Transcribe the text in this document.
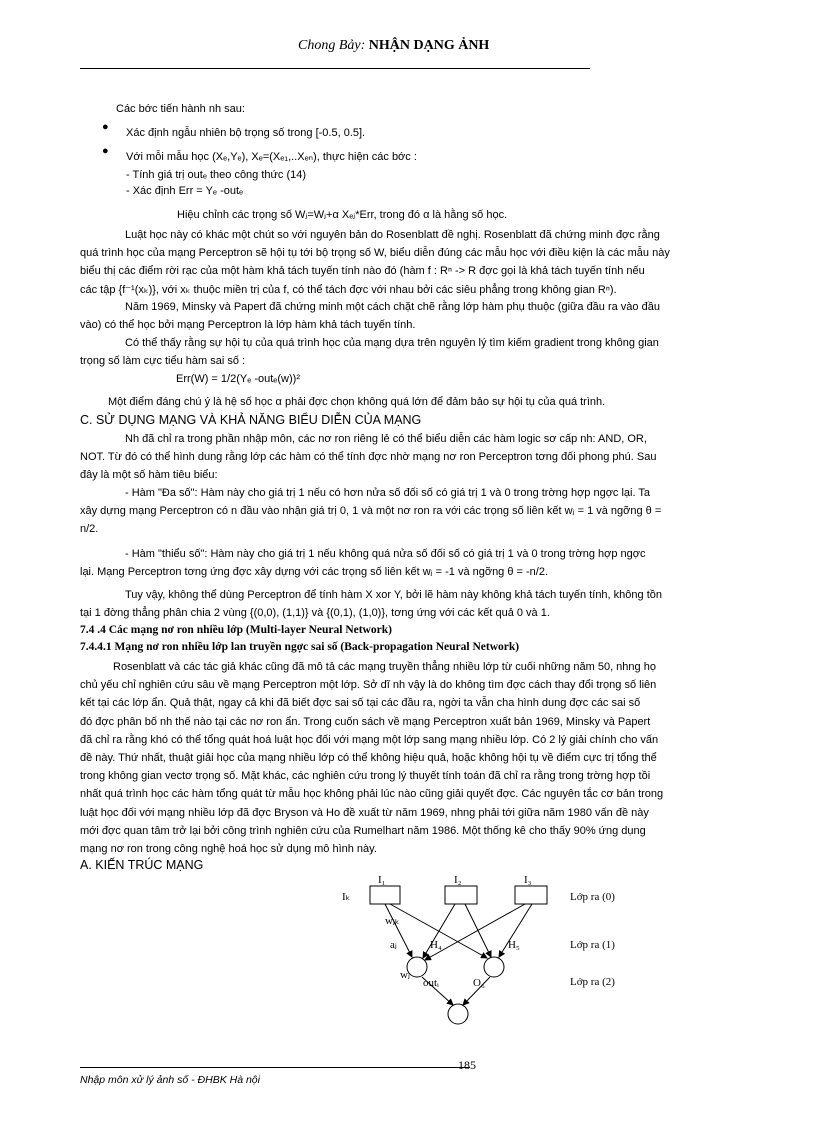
Chong Bảy: NHẬN DẠNG ẢNH
Các bớc tiến hành nh sau:
● Xác định ngẫu nhiên bộ trọng số trong [-0.5, 0.5].
● Với mỗi mẫu học (Xₑ,Yₑ), Xₑ=(Xₑ₁,..Xₑₙ), thực hiện các bớc :
- Tính giá trị outₑ theo công thức (14)
- Xác định Err = Yₑ -outₑ
Hiệu chỉnh các trọng số Wⱼ=Wⱼ+α Xₑⱼ*Err, trong đó α là hằng số học.
Luật học này có khác một chút so với nguyên bản do Rosenblatt đề nghị. Rosenblatt đã chứng minh đợc rằng
quá trình học của mạng Perceptron sẽ hội tụ tới bộ trọng số W, biểu diễn đúng các mẫu học với điều kiện là các mẫu này
biểu thị các điểm rời rạc của một hàm khả tách tuyến tính nào đó (hàm f : Rⁿ -> R đợc gọi là khả tách tuyến tính nếu
các tập {f⁻¹(xₖ)}, với xₖ thuộc miền trị của f, có thể tách đợc với nhau bởi các siêu phẳng trong không gian Rⁿ).
Năm 1969, Minsky và Papert đã chứng minh một cách chặt chẽ rằng lớp hàm phụ thuộc (giữa đầu ra vào đầu
vào) có thể học bởi mạng Perceptron là lớp hàm khả tách tuyến tính.
Có thể thấy rằng sự hội tụ của quá trình học của mạng dựa trên nguyên lý tìm kiếm gradient trong không gian
trọng số làm cực tiểu hàm sai số :
Err(W) = 1/2(Yₑ -outₑ(w))²
Một điểm đáng chú ý là hệ số học α phải đợc chọn không quá lớn để đảm bảo sự hội tụ của quá trình.
C. SỬ DỤNG MẠNG VÀ KHẢ NĂNG BIỂU DIỄN CỦA MẠNG
Nh đã chỉ ra trong phần nhập môn, các nơ ron riêng lẻ có thể biểu diễn các hàm logic sơ cấp nh: AND, OR,
NOT. Từ đó có thể hình dung rằng lớp các hàm có thể tính đợc nhờ mạng nơ ron Perceptron tơng đối phong phú. Sau
đây là một số hàm tiêu biểu:
- Hàm "Đa số": Hàm này cho giá trị 1 nếu có hơn nửa số đối số có giá trị 1 và 0 trong trờng hợp ngợc lại. Ta
xây dựng mạng Perceptron có n đầu vào nhận giá trị 0, 1 và một nơ ron ra với các trọng số liên kết wⱼ = 1 và ngỡng θ =
n/2.
- Hàm "thiểu số": Hàm này cho giá trị 1 nếu không quá nửa số đối số có giá trị 1 và 0 trong trờng hợp ngợc
lại. Mạng Perceptron tơng ứng đợc xây dựng với các trọng số liên kết wⱼ = -1 và ngỡng θ = -n/2.
Tuy vậy, không thể dùng Perceptron để tính hàm X xor Y, bởi lẽ hàm này không khả tách tuyến tính, không tồn
tại 1 đờng thẳng phân chia 2 vùng {(0,0), (1,1)} và {(0,1), (1,0)}, tơng ứng với các kết quả 0 và 1.
7.4 .4 Các mạng nơ ron nhiều lớp (Multi-layer Neural Network)
7.4.4.1 Mạng nơ ron nhiều lớp lan truyền ngợc sai số (Back-propagation Neural Network)
Rosenblatt và các tác giả khác cũng đã mô tả các mạng truyền thẳng nhiều lớp từ cuối những năm 50, nhng họ
chủ yếu chỉ nghiên cứu sâu về mạng Perceptron một lớp. Sở dĩ nh vậy là do không tìm đợc cách thay đổi trọng số liên
kết tại các lớp ẩn. Quả thật, ngay cả khi đã biết đợc sai số tại các đầu ra, ngời ta vẫn cha hình dung đợc các sai số
đó đợc phân bố nh thế nào tại các nơ ron ẩn. Trong cuốn sách về mạng Perceptron xuất bản 1969, Minsky và Papert
đã chỉ ra rằng khó có thể tổng quát hoá luật học đối với mạng một lớp sang mạng nhiều lớp. Có 2 lý giải chính cho vấn
đề này. Thứ nhất, thuật giải học của mạng nhiều lớp có thể không hiệu quả, hoặc không hội tụ về điểm cực trị tổng thể
trong không gian vectơ trọng số. Mặt khác, các nghiên cứu trong lý thuyết tính toán đã chỉ ra rằng trong trờng hợp tồi
nhất quá trình học các hàm tổng quát từ mẫu học không phải lúc nào cũng giải quyết đợc. Các nguyên tắc cơ bản trong
luật học đối với mạng nhiều lớp đã đợc Bryson và Ho đề xuất từ năm 1969, nhng phải tới giữa năm 1980 vấn đề này
mới đợc quan tâm trở lại bởi công trình nghiên cứu của Rumelhart năm 1986. Một thống kê cho thấy 90% ứng dụng
mạng nơ ron trong công nghệ hoá học sử dụng mô hình này.
A. KIẾN TRÚC MẠNG
I₁	I₂	I₃
Iₖ
wⱼₖ
aⱼ	H₄	H₅
wⱼ
outᵢ	O₆
Lớp ra (0)
Lớp ra (1)
Lớp ra (2)
185
Nhập môn xử lý ảnh số - ĐHBK Hà nội
